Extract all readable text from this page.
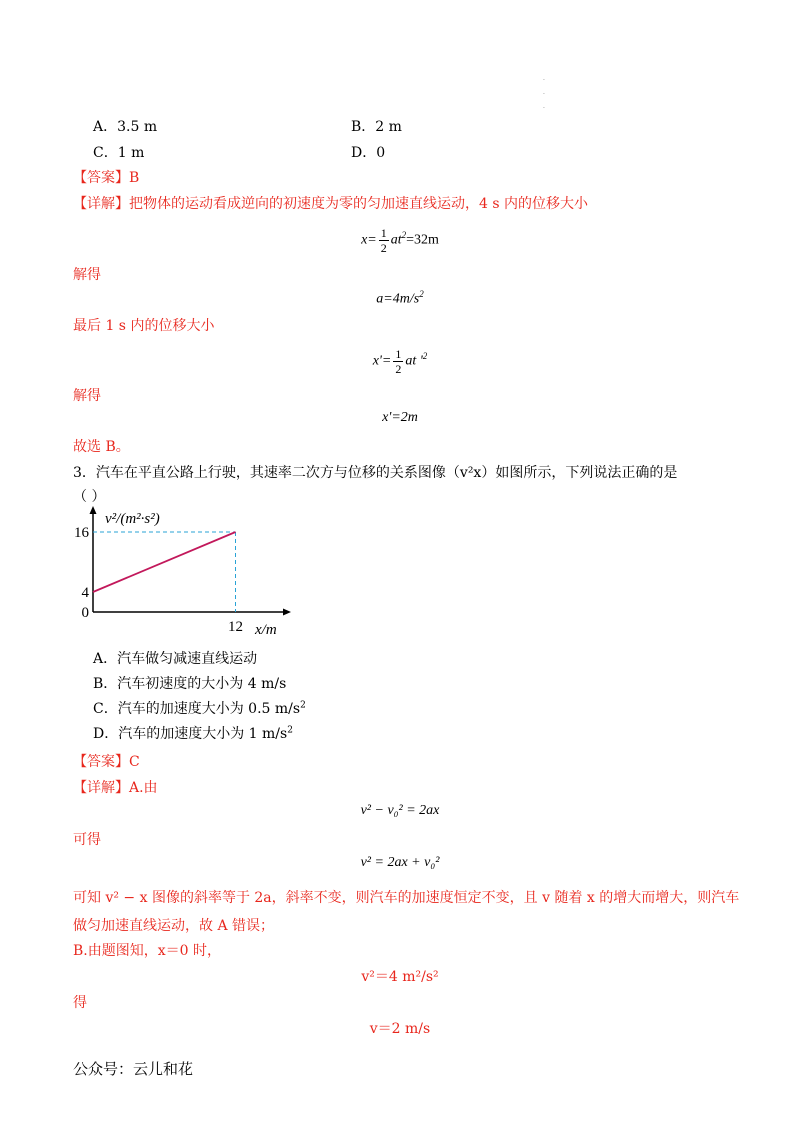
.
.
.
A．3.5 m	B．2 m
C．1 m	D．0
【答案】B
【详解】把物体的运动看成逆向的初速度为零的匀加速直线运动，4 s 内的位移大小
$x= \frac{1}{2} at^2=32m$
解得
$a=4m/s^2$
最后 1 s 内的位移大小
$x'= \frac{1}{2}$ at '$^2$
解得
x'=2m
故选 B。
3．汽车在平直公路上行驶，其速率二次方与位移的关系图像（v²x）如图所示，下列说法正确的是
（ ）
v²/(m²·s²)
x/m
16
4
0
12
A．汽车做匀减速直线运动
B．汽车初速度的大小为 4 m/s
C．汽车的加速度大小为 0.5 $m/s^2$
D．汽车的加速度大小为 1 $m/s^2$
【答案】C
【详解】A.由
v² − v₀² = 2ax
可得
v² = 2ax + v₀²
可知 v² − x 图像的斜率等于 2a，斜率不变，则汽车的加速度恒定不变，且 v 随着 x 的增大而增大，则汽车
做匀加速直线运动，故 A 错误；
B.由题图知，x＝0 时，
v²＝4 m²/s²
得
v＝2 m/s
公众号：云儿和花
